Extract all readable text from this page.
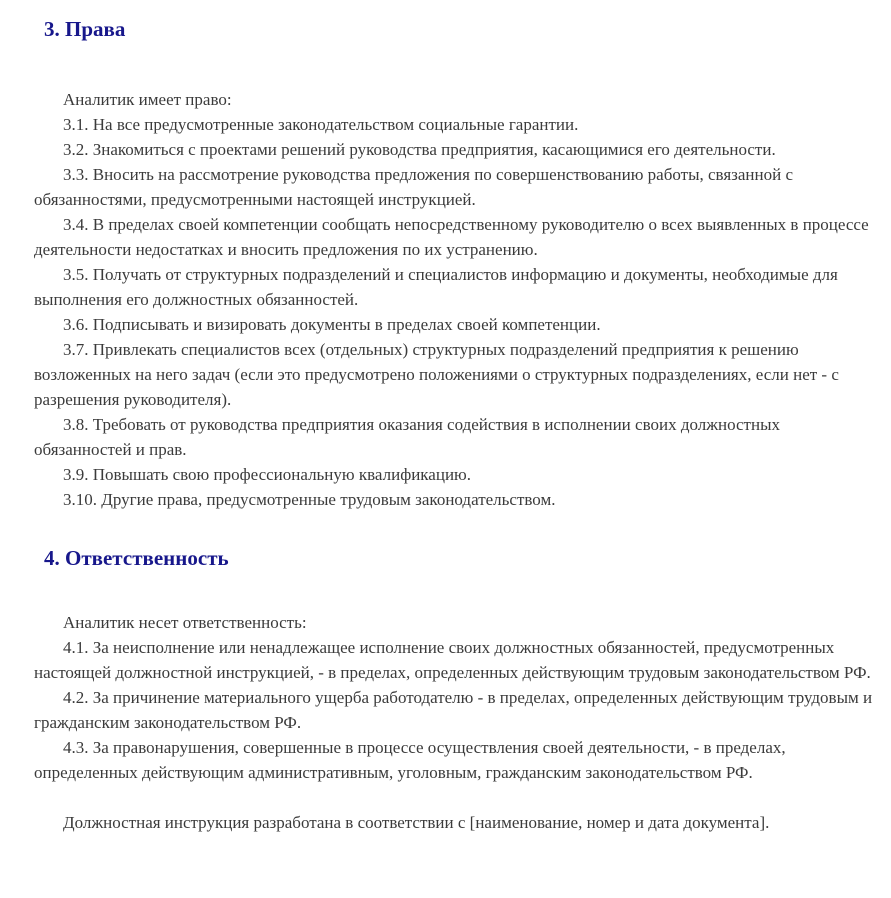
3. Права

Аналитик имеет право:

3.1. На все предусмотренные законодательством социальные гарантии.

3.2. Знакомиться с проектами решений руководства предприятия, касающимися его деятельности.

3.3. Вносить на рассмотрение руководства предложения по совершенствованию работы, связанной с обязанностями, предусмотренными настоящей инструкцией.

3.4. В пределах своей компетенции сообщать непосредственному руководителю о всех выявленных в процессе деятельности недостатках и вносить предложения по их устранению.

3.5. Получать от структурных подразделений и специалистов информацию и документы, необходимые для выполнения его должностных обязанностей.

3.6. Подписывать и визировать документы в пределах своей компетенции.

3.7. Привлекать специалистов всех (отдельных) структурных подразделений предприятия к решению возложенных на него задач (если это предусмотрено положениями о структурных подразделениях, если нет - с разрешения руководителя).

3.8. Требовать от руководства предприятия оказания содействия в исполнении своих должностных обязанностей и прав.

3.9. Повышать свою профессиональную квалификацию.

3.10. Другие права, предусмотренные трудовым законодательством.

4. Ответственность

Аналитик несет ответственность:

4.1. За неисполнение или ненадлежащее исполнение своих должностных обязанностей, предусмотренных настоящей должностной инструкцией, - в пределах, определенных действующим трудовым законодательством РФ.

4.2. За причинение материального ущерба работодателю - в пределах, определенных действующим трудовым и гражданским законодательством РФ.

4.3. За правонарушения, совершенные в процессе осуществления своей деятельности, - в пределах, определенных действующим административным, уголовным, гражданским законодательством РФ.

Должностная инструкция разработана в соответствии с [наименование, номер и дата документа].
